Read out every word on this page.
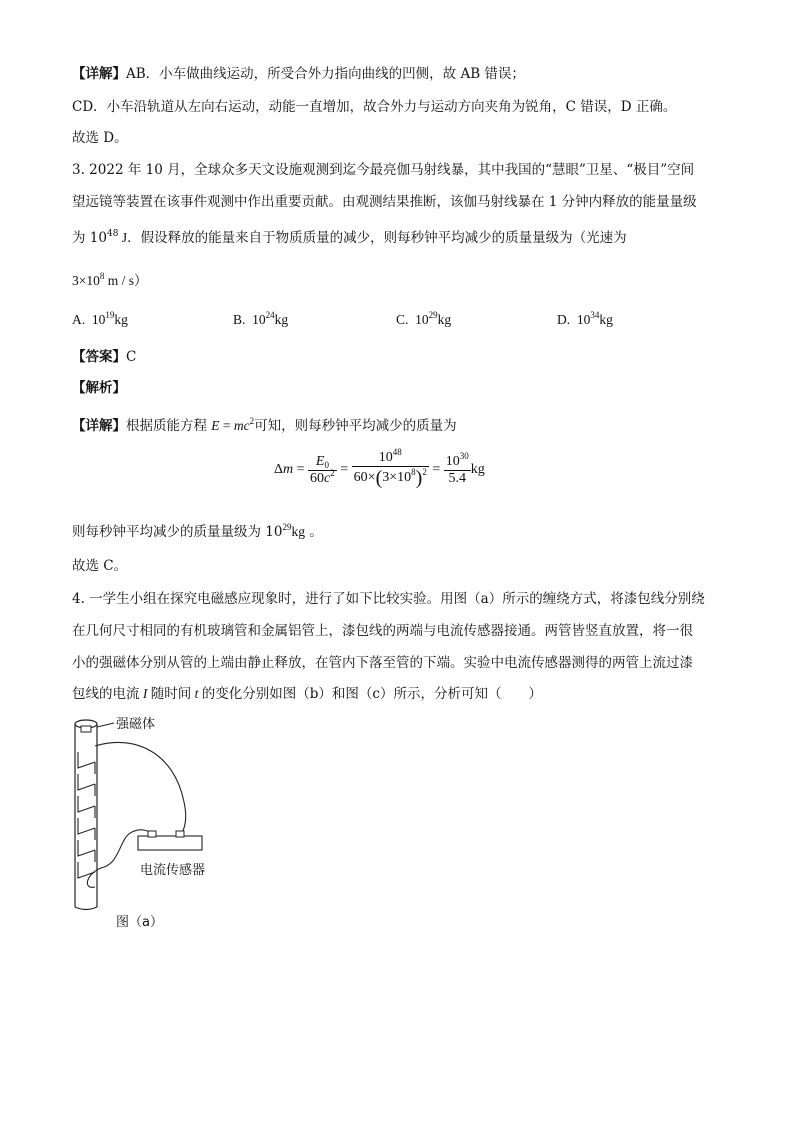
【详解】AB．小车做曲线运动，所受合外力指向曲线的凹侧，故 AB 错误；
CD．小车沿轨道从左向右运动，动能一直增加，故合外力与运动方向夹角为锐角，C 错误，D 正确。
故选 D。
3. 2022 年 10 月，全球众多天文设施观测到迄今最亮伽马射线暴，其中我国的“慧眼”卫星、“极目”空间
望远镜等装置在该事件观测中作出重要贡献。由观测结果推断，该伽马射线暴在 1 分钟内释放的能量量级
为 $10^{48}$ J．假设释放的能量来自于物质质量的减少，则每秒钟平均减少的质量量级为（光速为
$3\times 10^8$ m / s）
A. $10^{19}kg$	B. $10^{24}kg$	C. $10^{29}kg$	D. $10^{34}kg$
【答案】C
【解析】
【详解】根据质能方程 $E = mc^2$可知，则每秒钟平均减少的质量为
$\Delta m = \frac{E_0}{60c^2} = \frac{10^{48}}{60\times(3\times 10^8)^2} = \frac{10^{30}}{5.4}$ kg
则每秒钟平均减少的质量量级为 $10^{29}kg$ 。
故选 C。
4. 一学生小组在探究电磁感应现象时，进行了如下比较实验。用图（a）所示的缠绕方式，将漆包线分别绕
在几何尺寸相同的有机玻璃管和金属铝管上，漆包线的两端与电流传感器接通。两管皆竖直放置，将一很
小的强磁体分别从管的上端由静止释放，在管内下落至管的下端。实验中电流传感器测得的两管上流过漆
包线的电流 I 随时间 t 的变化分别如图（b）和图（c）所示，分析可知（　　）
强磁体
电流传感器
图（a）
